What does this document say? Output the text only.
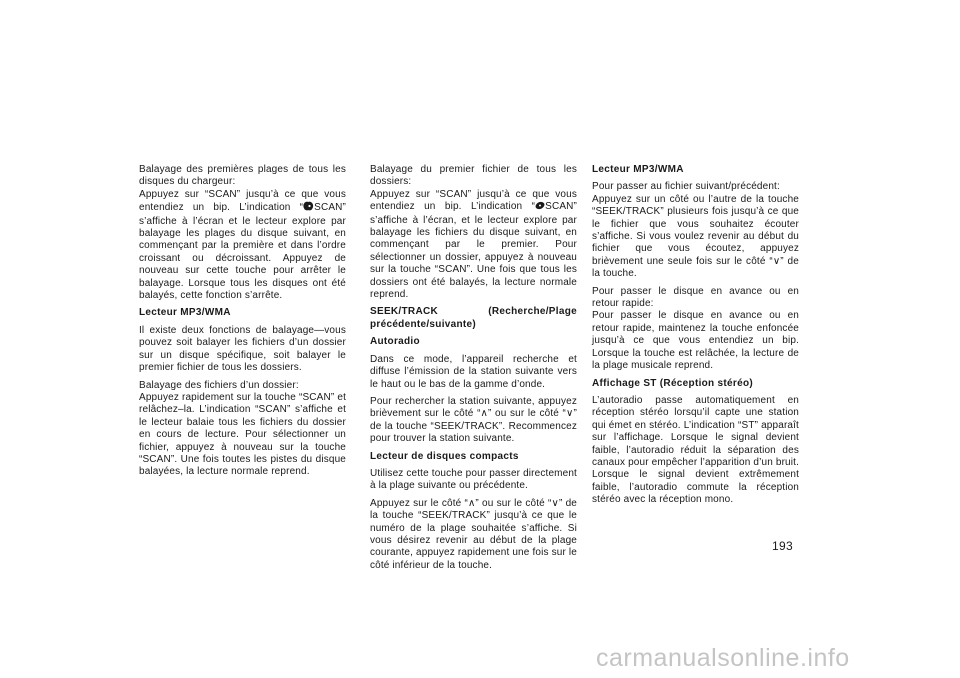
Balayage des premières plages de tous les disques du chargeur:
Appuyez sur “SCAN” jusqu’à ce que vous entendiez un bip. L’indication “ SCAN” s’affiche à l’écran et le lecteur explore par balayage les plages du disque suivant, en commençant par la première et dans l’ordre croissant ou décroissant. Appuyez de nouveau sur cette touche pour arrêter le balayage. Lorsque tous les disques ont été balayés, cette fonction s’arrête.

Lecteur MP3/WMA

Il existe deux fonctions de balayage—vous pouvez soit balayer les fichiers d’un dossier sur un disque spécifique, soit balayer le premier fichier de tous les dossiers.

Balayage des fichiers d’un dossier:
Appuyez rapidement sur la touche “SCAN” et relâchez–la. L’indication “SCAN” s’affiche et le lecteur balaie tous les fichiers du dossier en cours de lecture. Pour sélectionner un fichier, appuyez à nouveau sur la touche “SCAN”. Une fois toutes les pistes du disque balayées, la lecture normale reprend.

Balayage du premier fichier de tous les dossiers:
Appuyez sur “SCAN” jusqu’à ce que vous entendiez un bip. L’indication “ SCAN” s’affiche à l’écran, et le lecteur explore par balayage les fichiers du disque suivant, en commençant par le premier. Pour sélectionner un dossier, appuyez à nouveau sur la touche “SCAN”. Une fois que tous les dossiers ont été balayés, la lecture normale reprend.

SEEK/TRACK	(Recherche/Plage
précédente/suivante)
Autoradio

Dans ce mode, l’appareil recherche et diffuse l’émission de la station suivante vers le haut ou le bas de la gamme d’onde.

Pour rechercher la station suivante, appuyez brièvement sur le côté “∧” ou sur le côté “∨” de la touche “SEEK/TRACK”. Recommencez pour trouver la station suivante.

Lecteur de disques compacts

Utilisez cette touche pour passer directement à la plage suivante ou précédente.

Appuyez sur le côté “∧” ou sur le côté “∨” de la touche “SEEK/TRACK” jusqu’à ce que le numéro de la plage souhaitée s’affiche. Si vous désirez revenir au début de la plage courante, appuyez rapidement une fois sur le côté inférieur de la touche.

Lecteur MP3/WMA

Pour passer au fichier suivant/précédent:
Appuyez sur un côté ou l’autre de la touche “SEEK/TRACK” plusieurs fois jusqu’à ce que le fichier que vous souhaitez écouter s’affiche. Si vous voulez revenir au début du fichier que vous écoutez, appuyez brièvement une seule fois sur le côté “∨” de la touche.

Pour passer le disque en avance ou en retour rapide:
Pour passer le disque en avance ou en retour rapide, maintenez la touche enfoncée jusqu’à ce que vous entendiez un bip. Lorsque la touche est relâchée, la lecture de la plage musicale reprend.

Affichage ST (Réception stéréo)

L’autoradio passe automatiquement en réception stéréo lorsqu’il capte une station qui émet en stéréo. L’indication “ST” apparaît sur l’affichage. Lorsque le signal devient faible, l’autoradio réduit la séparation des canaux pour empêcher l’apparition d’un bruit. Lorsque le signal devient extrêmement faible, l’autoradio commute la réception stéréo avec la réception mono.

193
carmanualsonline.info
